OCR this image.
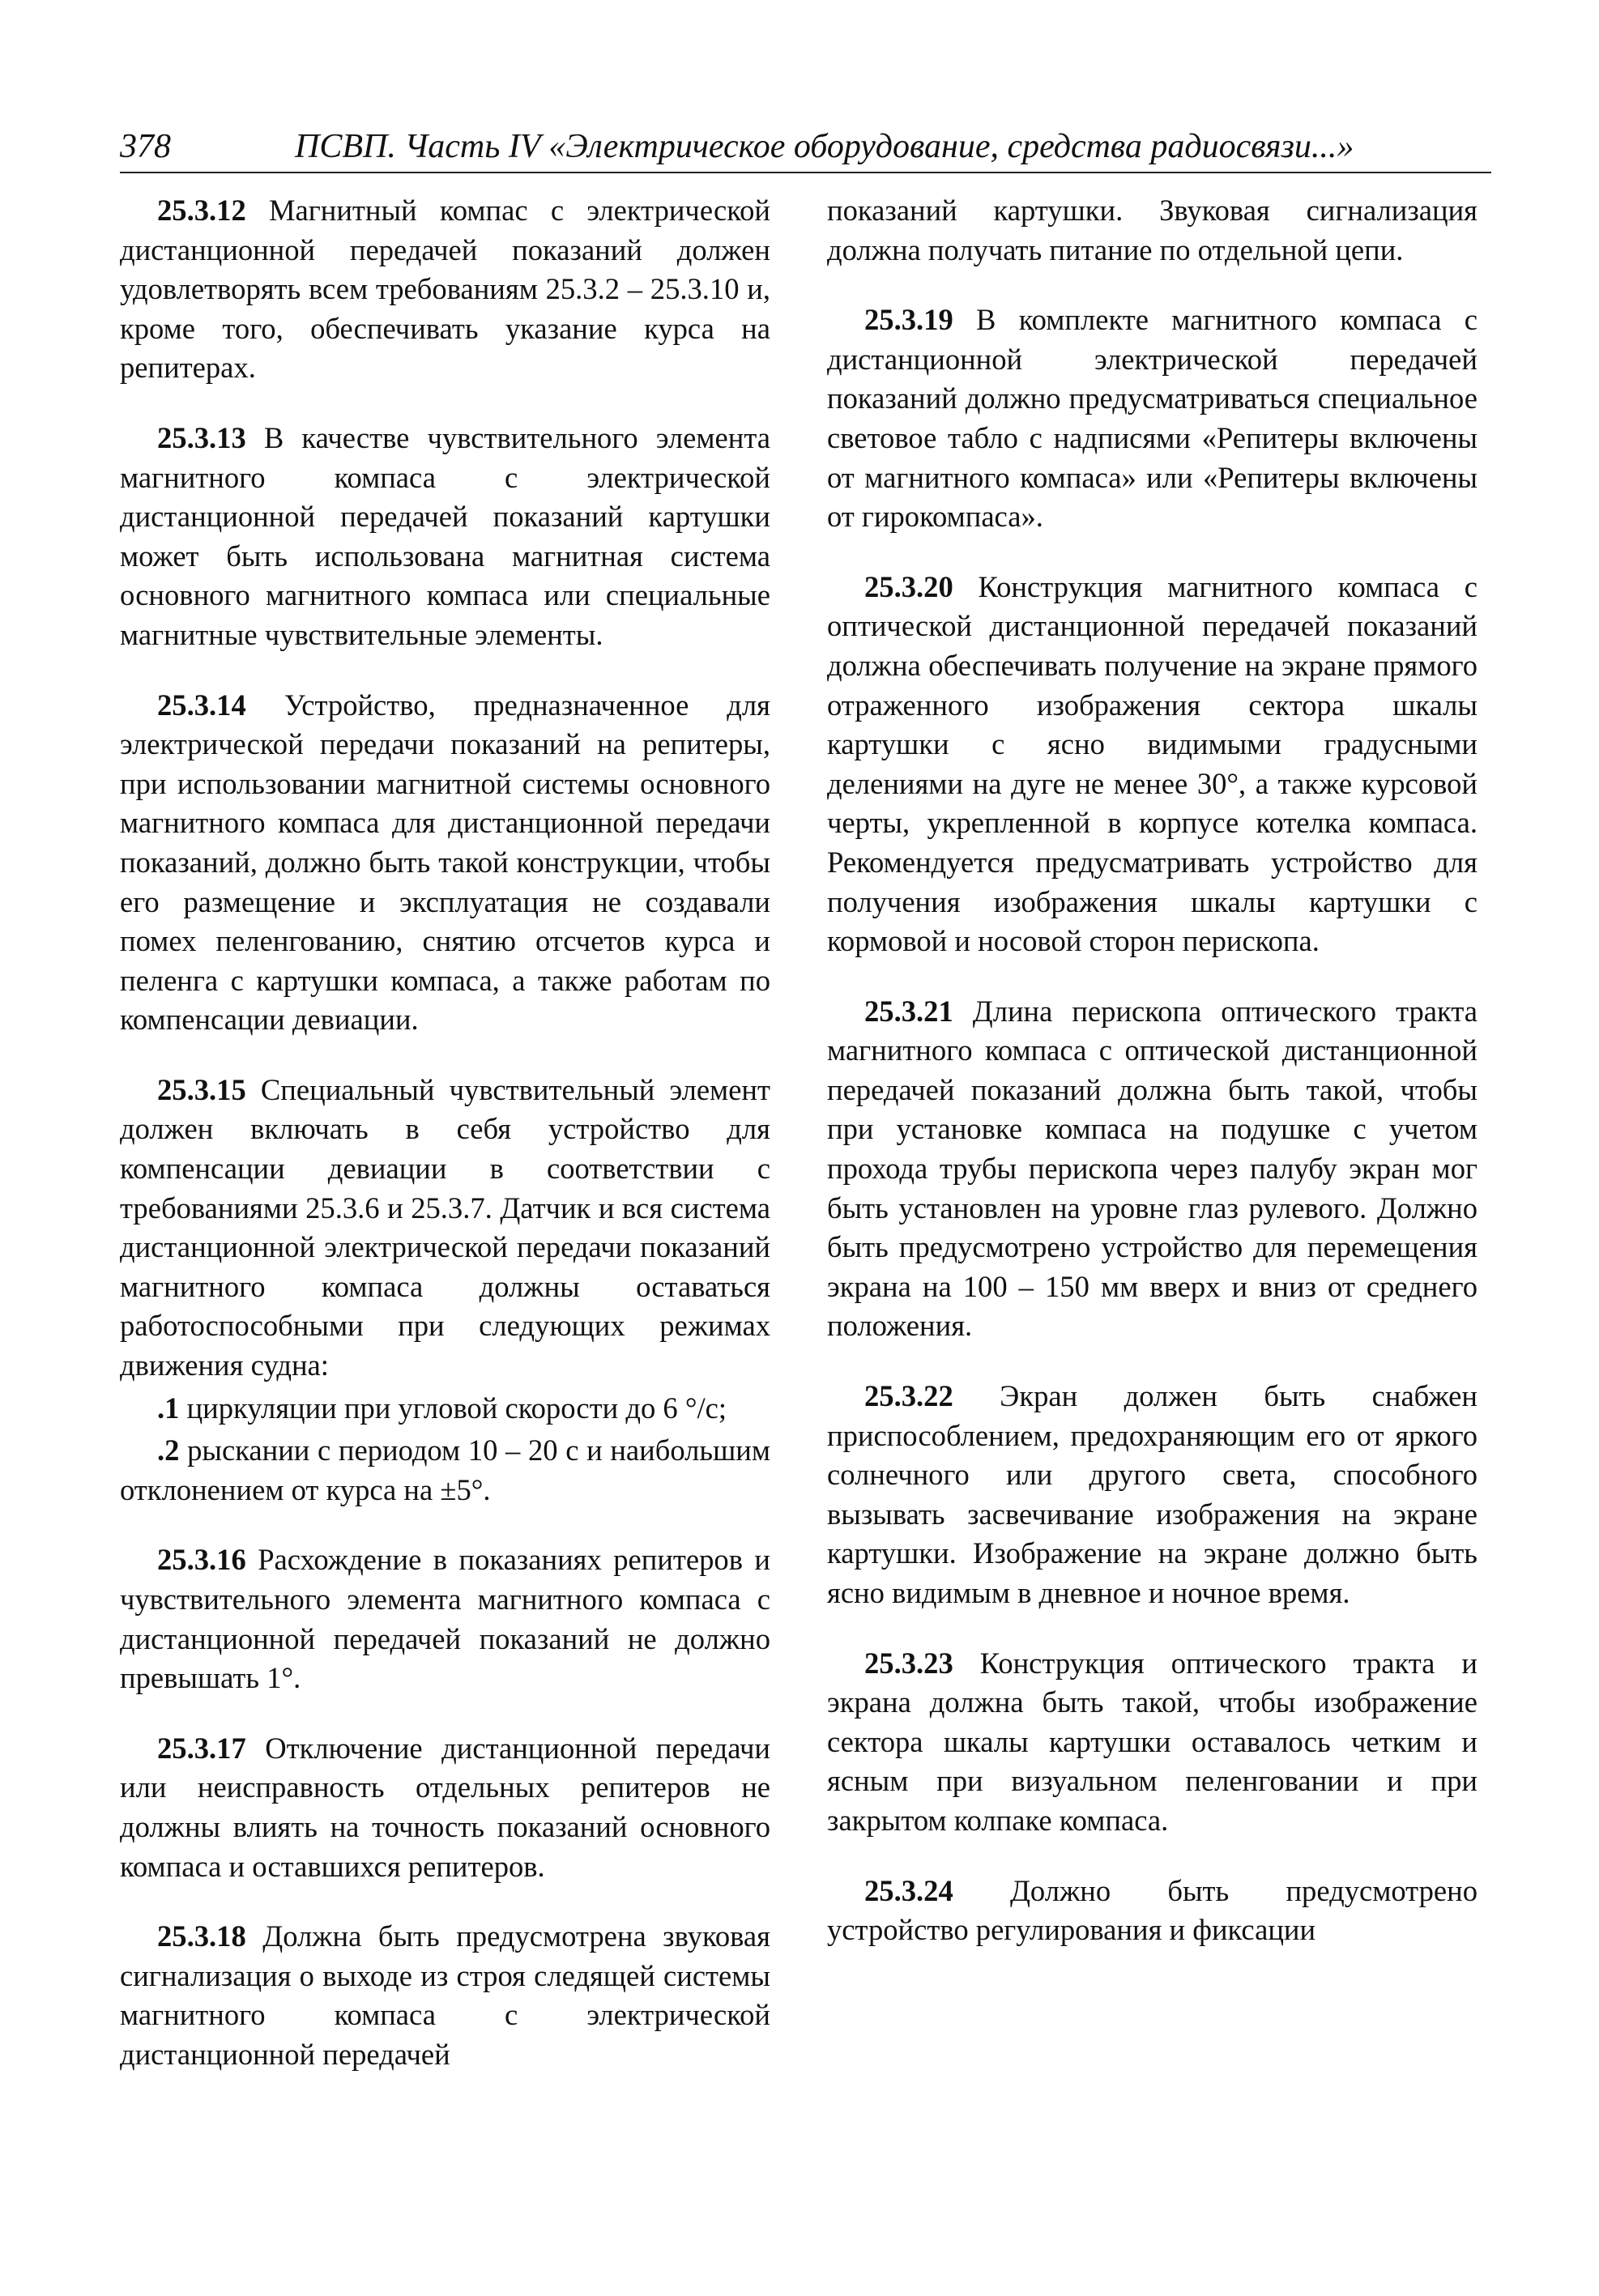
378	ПСВП. Часть IV «Электрическое оборудование, средства радиосвязи...»

25.3.12 Магнитный компас с электрической дистанционной передачей показаний должен удовлетворять всем требованиям 25.3.2 – 25.3.10 и, кроме того, обеспечивать указание курса на репитерах.

25.3.13 В качестве чувствительного элемента магнитного компаса с электрической дистанционной передачей показаний картушки может быть использована магнитная система основного магнитного компаса или специальные магнитные чувствительные элементы.

25.3.14 Устройство, предназначенное для электрической передачи показаний на репитеры, при использовании магнитной системы основного магнитного компаса для дистанционной передачи показаний, должно быть такой конструкции, чтобы его размещение и эксплуатация не создавали помех пеленгованию, снятию отсчетов курса и пеленга с картушки компаса, а также работам по компенсации девиации.

25.3.15 Специальный чувствительный элемент должен включать в себя устройство для компенсации девиации в соответствии с требованиями 25.3.6 и 25.3.7. Датчик и вся система дистанционной электрической передачи показаний магнитного компаса должны оставаться работоспособными при следующих режимах движения судна:

.1 циркуляции при угловой скорости до 6 °/с;

.2 рыскании с периодом 10 – 20 с и наибольшим отклонением от курса на ±5°.

25.3.16 Расхождение в показаниях репитеров и чувствительного элемента магнитного компаса с дистанционной передачей показаний не должно превышать 1°.

25.3.17 Отключение дистанционной передачи или неисправность отдельных репитеров не должны влиять на точность показаний основного компаса и оставшихся репитеров.

25.3.18 Должна быть предусмотрена звуковая сигнализация о выходе из строя следящей системы магнитного компаса с электрической дистанционной передачей

показаний картушки. Звуковая сигнализация должна получать питание по отдельной цепи.

25.3.19 В комплекте магнитного компаса с дистанционной электрической передачей показаний должно предусматриваться специальное световое табло с надписями «Репитеры включены от магнитного компаса» или «Репитеры включены от гирокомпаса».

25.3.20 Конструкция магнитного компаса с оптической дистанционной передачей показаний должна обеспечивать получение на экране прямого отраженного изображения сектора шкалы картушки с ясно видимыми градусными делениями на дуге не менее 30°, а также курсовой черты, укрепленной в корпусе котелка компаса. Рекомендуется предусматривать устройство для получения изображения шкалы картушки с кормовой и носовой сторон перископа.

25.3.21 Длина перископа оптического тракта магнитного компаса с оптической дистанционной передачей показаний должна быть такой, чтобы при установке компаса на подушке с учетом прохода трубы перископа через палубу экран мог быть установлен на уровне глаз рулевого. Должно быть предусмотрено устройство для перемещения экрана на 100 – 150 мм вверх и вниз от среднего положения.

25.3.22 Экран должен быть снабжен приспособлением, предохраняющим его от яркого солнечного или другого света, способного вызывать засвечивание изображения на экране картушки. Изображение на экране должно быть ясно видимым в дневное и ночное время.

25.3.23 Конструкция оптического тракта и экрана должна быть такой, чтобы изображение сектора шкалы картушки оставалось четким и ясным при визуальном пеленговании и при закрытом колпаке компаса.

25.3.24 Должно быть предусмотрено устройство регулирования и фиксации
